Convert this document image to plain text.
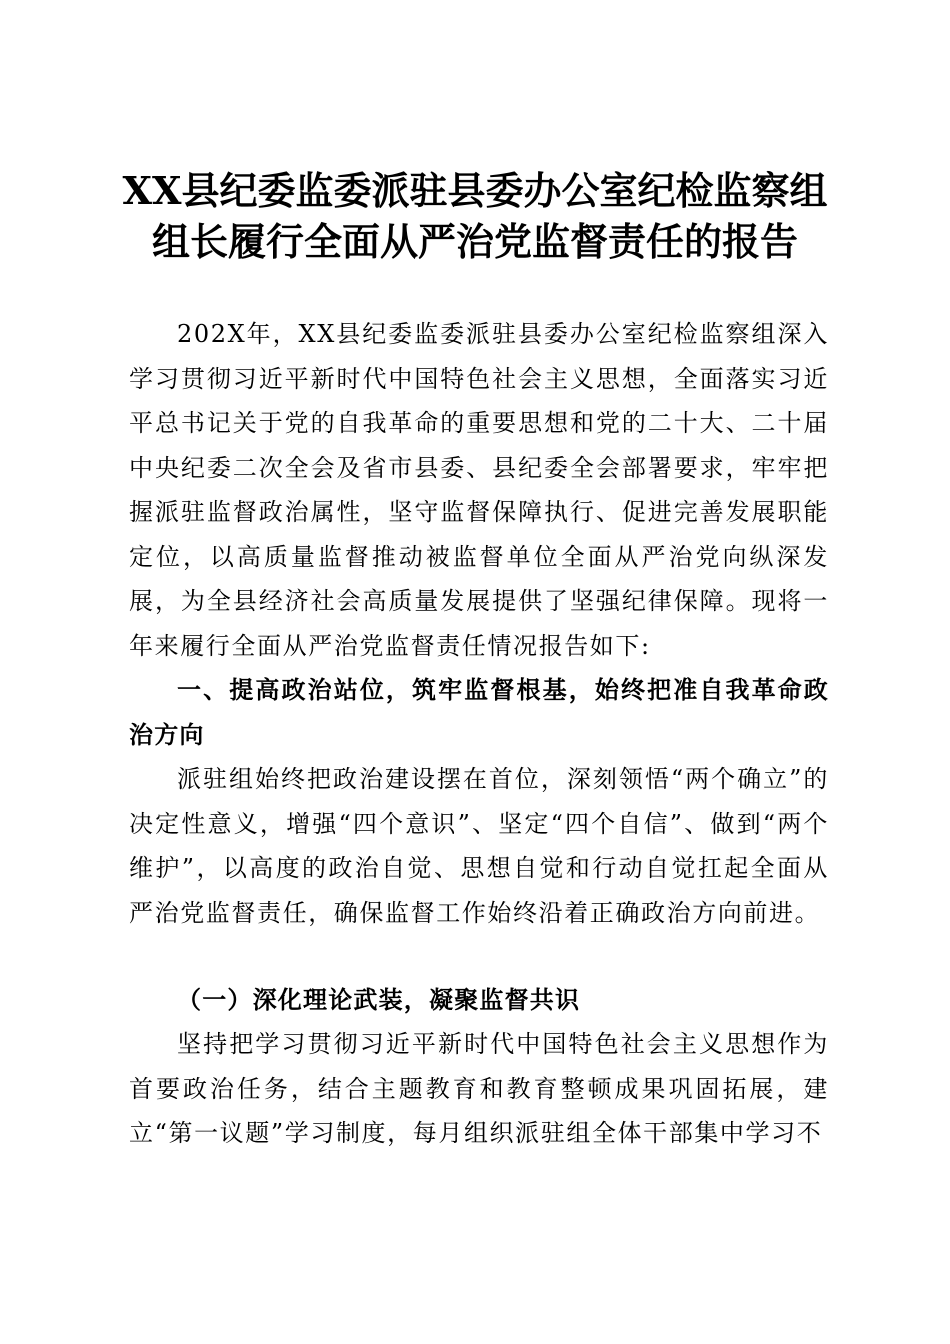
XX县纪委监委派驻县委办公室纪检监察组组长履行全面从严治党监督责任的报告
202X年，XX县纪委监委派驻县委办公室纪检监察组深入学习贯彻习近平新时代中国特色社会主义思想，全面落实习近平总书记关于党的自我革命的重要思想和党的二十大、二十届中央纪委二次全会及省市县委、县纪委全会部署要求，牢牢把握派驻监督政治属性，坚守监督保障执行、促进完善发展职能定位，以高质量监督推动被监督单位全面从严治党向纵深发展，为全县经济社会高质量发展提供了坚强纪律保障。现将一年来履行全面从严治党监督责任情况报告如下:
一、提高政治站位，筑牢监督根基，始终把准自我革命政治方向
派驻组始终把政治建设摆在首位，深刻领悟“两个确立”的决定性意义，增强“四个意识”、坚定“四个自信”、做到“两个维护”，以高度的政治自觉、思想自觉和行动自觉扛起全面从严治党监督责任，确保监督工作始终沿着正确政治方向前进。
（一）深化理论武装，凝聚监督共识
坚持把学习贯彻习近平新时代中国特色社会主义思想作为首要政治任务，结合主题教育和教育整顿成果巩固拓展，建立“第一议题”学习制度，每月组织派驻组全体干部集中学习不
